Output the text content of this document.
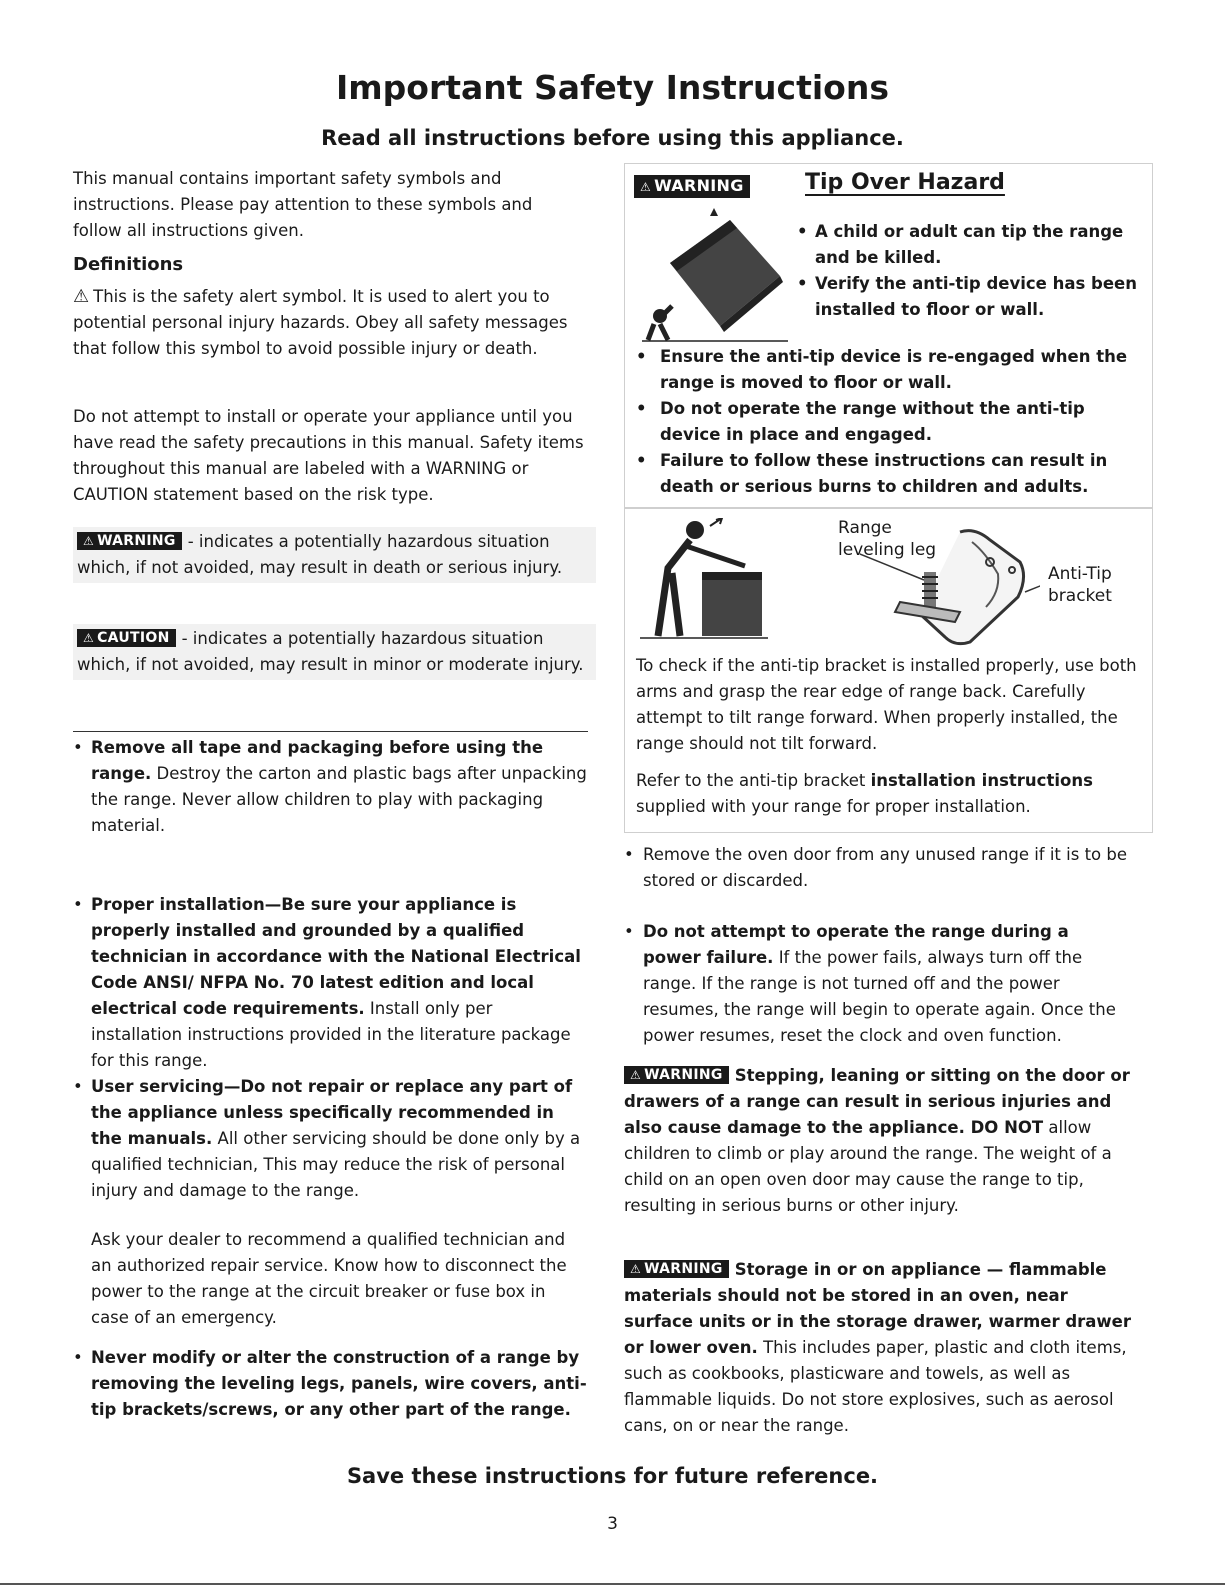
Important Safety Instructions
Read all instructions before using this appliance.
This manual contains important safety symbols and instructions. Please pay attention to these symbols and follow all instructions given.
Definitions
⚠ This is the safety alert symbol. It is used to alert you to potential personal injury hazards. Obey all safety messages that follow this symbol to avoid possible injury or death.
Do not attempt to install or operate your appliance until you have read the safety precautions in this manual. Safety items throughout this manual are labeled with a WARNING or CAUTION statement based on the risk type.
⚠ WARNING - indicates a potentially hazardous situation which, if not avoided, may result in death or serious injury.
⚠ CAUTION - indicates a potentially hazardous situation which, if not avoided, may result in minor or moderate injury.
• Remove all tape and packaging before using the range. Destroy the carton and plastic bags after unpacking the range. Never allow children to play with packaging material.
• Proper installation—Be sure your appliance is properly installed and grounded by a qualified technician in accordance with the National Electrical Code ANSI/ NFPA No. 70 latest edition and local electrical code requirements. Install only per installation instructions provided in the literature package for this range.
• User servicing—Do not repair or replace any part of the appliance unless specifically recommended in the manuals. All other servicing should be done only by a qualified technician, This may reduce the risk of personal injury and damage to the range.
Ask your dealer to recommend a qualified technician and an authorized repair service. Know how to disconnect the power to the range at the circuit breaker or fuse box in case of an emergency.
• Never modify or alter the construction of a range by removing the leveling legs, panels, wire covers, anti-tip brackets/screws, or any other part of the range.
⚠ WARNING	Tip Over Hazard
• A child or adult can tip the range and be killed.
• Verify the anti-tip device has been installed to floor or wall.
• Ensure the anti-tip device is re-engaged when the range is moved to floor or wall.
• Do not operate the range without the anti-tip device in place and engaged.
• Failure to follow these instructions can result in death or serious burns to children and adults.
Range
leveling leg
Anti-Tip
bracket
To check if the anti-tip bracket is installed properly, use both arms and grasp the rear edge of range back. Carefully attempt to tilt range forward. When properly installed, the range should not tilt forward.
Refer to the anti-tip bracket installation instructions supplied with your range for proper installation.
• Remove the oven door from any unused range if it is to be stored or discarded.
• Do not attempt to operate the range during a power failure. If the power fails, always turn off the range. If the range is not turned off and the power resumes, the range will begin to operate again. Once the power resumes, reset the clock and oven function.
⚠ WARNING Stepping, leaning or sitting on the door or drawers of a range can result in serious injuries and also cause damage to the appliance. DO NOT allow children to climb or play around the range. The weight of a child on an open oven door may cause the range to tip, resulting in serious burns or other injury.
⚠ WARNING Storage in or on appliance — flammable materials should not be stored in an oven, near surface units or in the storage drawer, warmer drawer or lower oven. This includes paper, plastic and cloth items, such as cookbooks, plasticware and towels, as well as flammable liquids. Do not store explosives, such as aerosol cans, on or near the range.
Save these instructions for future reference.
3
